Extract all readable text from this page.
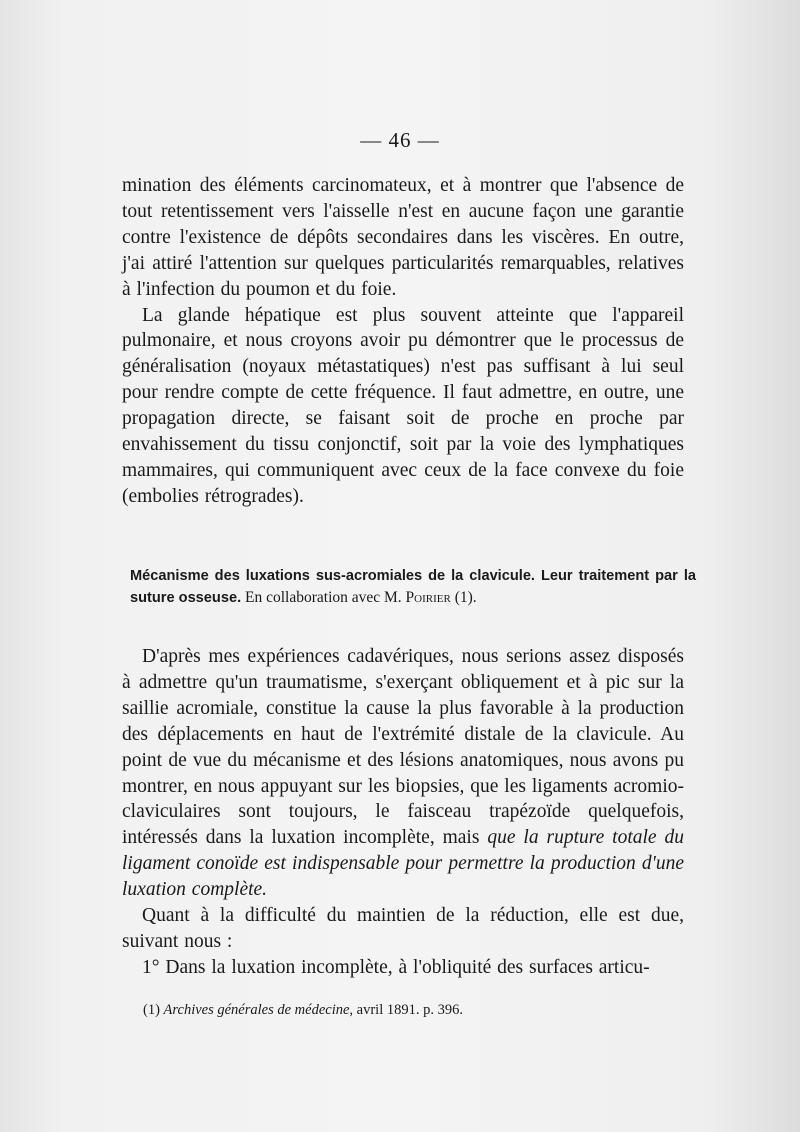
— 46 —

mination des éléments carcinomateux, et à montrer que l'absence de tout retentissement vers l'aisselle n'est en aucune façon une garantie contre l'existence de dépôts secondaires dans les viscères. En outre, j'ai attiré l'attention sur quelques particularités remarquables, relatives à l'infection du poumon et du foie.

La glande hépatique est plus souvent atteinte que l'appareil pulmonaire, et nous croyons avoir pu démontrer que le processus de généralisation (noyaux métastatiques) n'est pas suffisant à lui seul pour rendre compte de cette fréquence. Il faut admettre, en outre, une propagation directe, se faisant soit de proche en proche par envahissement du tissu conjonctif, soit par la voie des lymphatiques mammaires, qui communiquent avec ceux de la face convexe du foie (embolies rétrogrades).

Mécanisme des luxations sus-acromiales de la clavicule. Leur traitement par la suture osseuse. En collaboration avec M. Poirier (1).

D'après mes expériences cadavériques, nous serions assez disposés à admettre qu'un traumatisme, s'exerçant obliquement et à pic sur la saillie acromiale, constitue la cause la plus favorable à la production des déplacements en haut de l'extrémité distale de la clavicule. Au point de vue du mécanisme et des lésions anatomiques, nous avons pu montrer, en nous appuyant sur les biopsies, que les ligaments acromio-claviculaires sont toujours, le faisceau trapézoïde quelquefois, intéressés dans la luxation incomplète, mais que la rupture totale du ligament conoïde est indispensable pour permettre la production d'une luxation complète.

Quant à la difficulté du maintien de la réduction, elle est due, suivant nous :

1° Dans la luxation incomplète, à l'obliquité des surfaces articu-

(1) Archives générales de médecine, avril 1891. p. 396.
